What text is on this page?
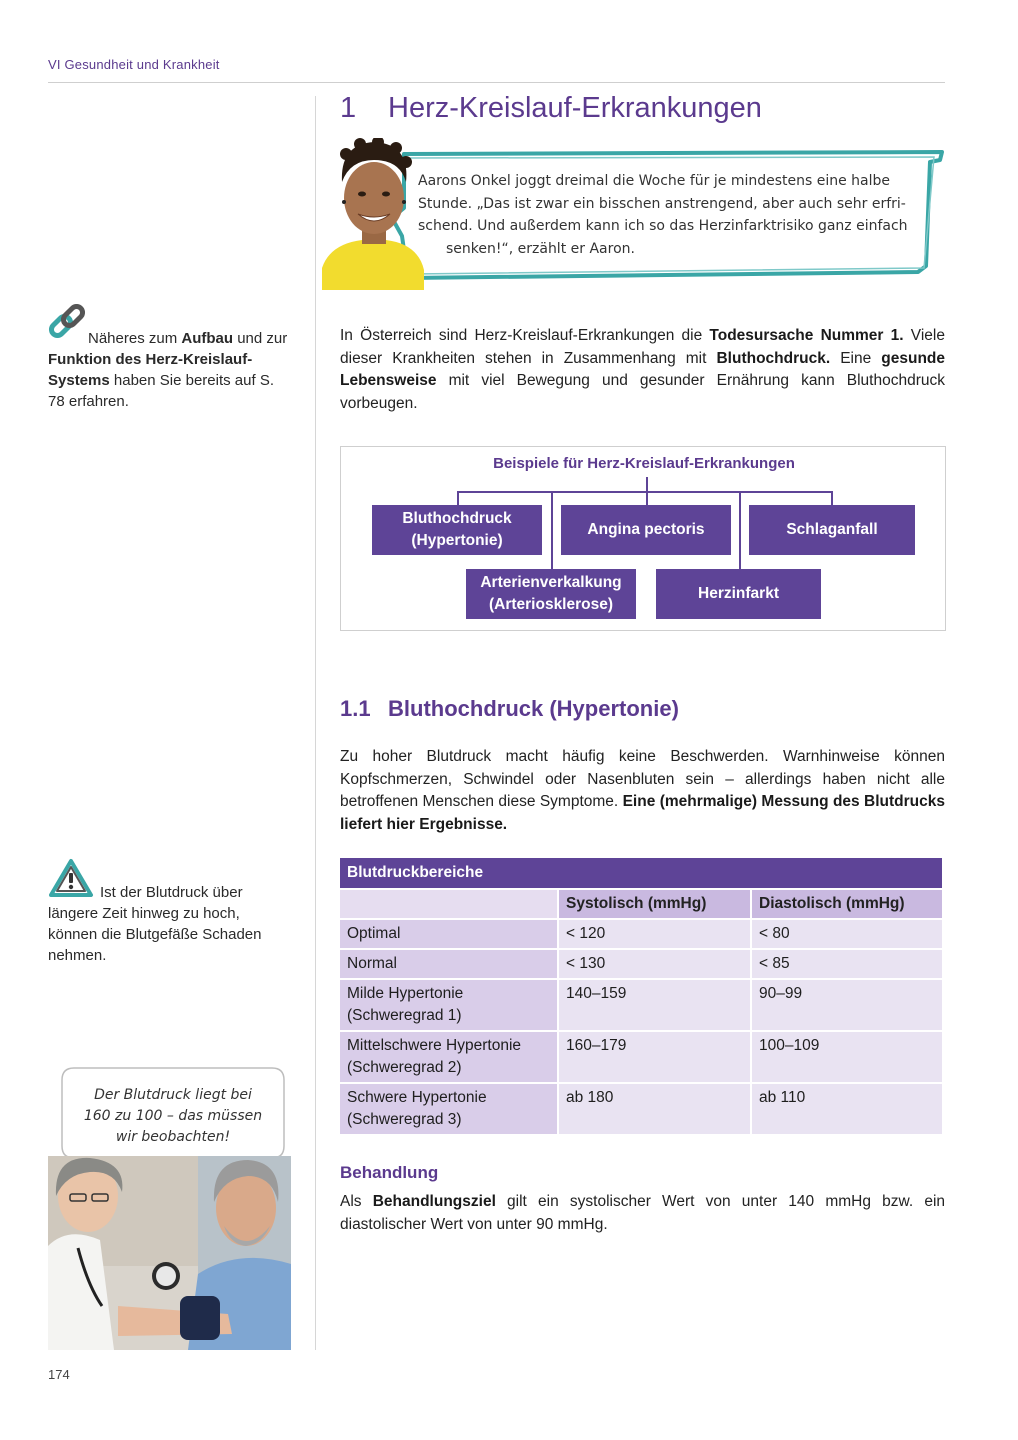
VI Gesundheit und Krankheit
1 Herz-Kreislauf-Erkrankungen
Aarons Onkel joggt dreimal die Woche für je mindestens eine halbe
Stunde. „Das ist zwar ein bisschen anstrengend, aber auch sehr erfri-
schend. Und außerdem kann ich so das Herzinfarktrisiko ganz einfach
senken!“, erzählt er Aaron.
Näheres zum Aufbau und zur Funktion des Herz-Kreislauf-Systems haben Sie bereits auf S. 78 erfahren.

In Österreich sind Herz-Kreislauf-Erkrankungen die Todesursache Nummer 1. Viele dieser Krankheiten stehen in Zusammenhang mit Bluthochdruck. Eine gesunde Lebensweise mit viel Bewegung und gesunder Ernährung kann Bluthochdruck vorbeugen.

Beispiele für Herz-Kreislauf-Erkrankungen
Bluthochdruck
(Hypertonie)
Angina pectoris	Schlaganfall
Arterienverkalkung
(Arteriosklerose)
Herzinfarkt
1.1 Bluthochdruck (Hypertonie)

Zu hoher Blutdruck macht häufig keine Beschwerden. Warnhinweise können Kopfschmerzen, Schwindel oder Nasenbluten sein – allerdings haben nicht alle betroffenen Menschen diese Symptome. Eine (mehrmalige) Messung des Blutdrucks liefert hier Ergebnisse.

Ist der Blutdruck über längere Zeit hinweg zu hoch, können die Blutgefäße Schaden nehmen.
Blutdruckbereiche		
	Systolisch (mmHg)	Diastolisch (mmHg)

Optimal	< 120	< 80

Normal	< 130	< 85

Milde Hypertonie
(Schweregrad 1)	140–159	90–99

Mittelschwere Hypertonie
(Schweregrad 2)	160–179	100–109

Schwere Hypertonie
(Schweregrad 3)	ab 180	ab 110
Behandlung

Als Behandlungsziel gilt ein systolischer Wert von unter 140 mmHg bzw. ein diastolischer Wert von unter 90 mmHg.

Der Blutdruck liegt bei
160 zu 100 – das müssen
wir beobachten!
174
